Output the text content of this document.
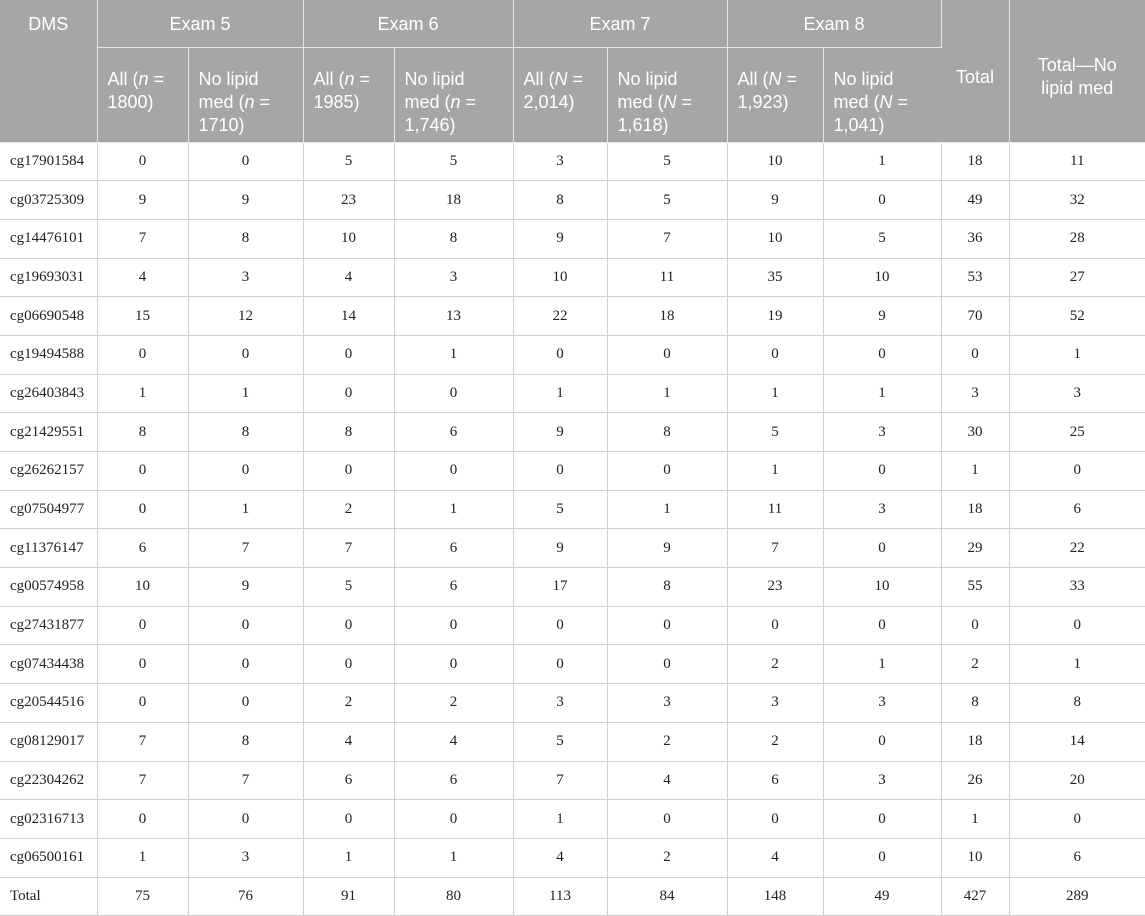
DMS	Exam 5		Exam 6		Exam 7		Exam 8		Total	Total—No lipid med
	All (n = 1800)	No lipid med (n = 1710)	All (n = 1985)	No lipid med (n = 1,746)	All (N = 2,014)	No lipid med (N = 1,618)	All (N = 1,923)	No lipid med (N = 1,041)		
cg17901584	0	0	5	5	3	5	10	1	18	11
cg03725309	9	9	23	18	8	5	9	0	49	32
cg14476101	7	8	10	8	9	7	10	5	36	28
cg19693031	4	3	4	3	10	11	35	10	53	27
cg06690548	15	12	14	13	22	18	19	9	70	52
cg19494588	0	0	0	1	0	0	0	0	0	1
cg26403843	1	1	0	0	1	1	1	1	3	3
cg21429551	8	8	8	6	9	8	5	3	30	25
cg26262157	0	0	0	0	0	0	1	0	1	0
cg07504977	0	1	2	1	5	1	11	3	18	6
cg11376147	6	7	7	6	9	9	7	0	29	22
cg00574958	10	9	5	6	17	8	23	10	55	33
cg27431877	0	0	0	0	0	0	0	0	0	0
cg07434438	0	0	0	0	0	0	2	1	2	1
cg20544516	0	0	2	2	3	3	3	3	8	8
cg08129017	7	8	4	4	5	2	2	0	18	14
cg22304262	7	7	6	6	7	4	6	3	26	20
cg02316713	0	0	0	0	1	0	0	0	1	0
cg06500161	1	3	1	1	4	2	4	0	10	6
Total	75	76	91	80	113	84	148	49	427	289
